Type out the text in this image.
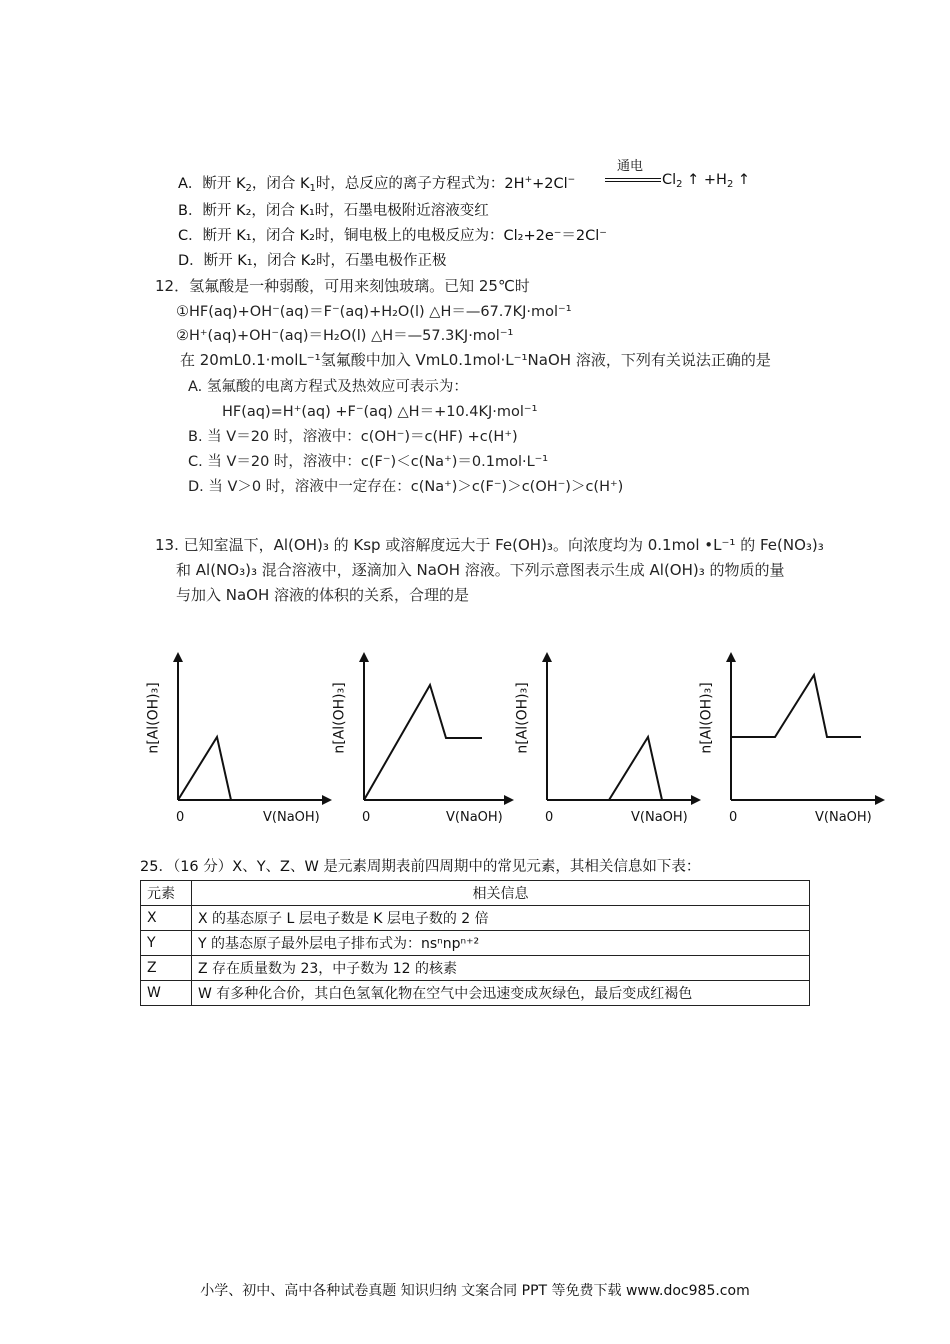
A．断开 $K_2$，闭合 $K_1$时，总反应的离子方程式为：2H++2Cl−
通电
$Cl_2$ ↑ $+H_2$ ↑
B．断开 K₂，闭合 K₁时，石墨电极附近溶液变红
C．断开 K₁，闭合 K₂时，铜电极上的电极反应为：Cl₂+2e⁻＝2Cl⁻
D．断开 K₁，闭合 K₂时，石墨电极作正极
12．氢氟酸是一种弱酸，可用来刻蚀玻璃。已知 25℃时
①HF(aq)+OH⁻(aq)＝F⁻(aq)+H₂O(l) △H＝—67.7KJ·mol⁻¹
②H⁺(aq)+OH⁻(aq)＝H₂O(l) △H＝—57.3KJ·mol⁻¹
在 20mL0.1·molL⁻¹氢氟酸中加入 VmL0.1mol·L⁻¹NaOH 溶液，下列有关说法正确的是
A. 氢氟酸的电离方程式及热效应可表示为：
HF(aq)=H⁺(aq) +F⁻(aq) △H＝+10.4KJ·mol⁻¹
B. 当 V＝20 时，溶液中：c(OH⁻)＝c(HF) +c(H⁺)
C. 当 V＝20 时，溶液中：c(F⁻)＜c(Na⁺)＝0.1mol·L⁻¹
D. 当 V＞0 时，溶液中一定存在：c(Na⁺)＞c(F⁻)＞c(OH⁻)＞c(H⁺)
13. 已知室温下，Al(OH)₃ 的 Ksp 或溶解度远大于 Fe(OH)₃。向浓度均为 0.1mol •L⁻¹ 的 Fe(NO₃)₃
和 Al(NO₃)₃ 混合溶液中，逐滴加入 NaOH 溶液。下列示意图表示生成 Al(OH)₃ 的物质的量
与加入 NaOH 溶液的体积的关系，合理的是
n[Al(OH)₃]
0	V(NaOH)
n[Al(OH)₃]
0	V(NaOH)
n[Al(OH)₃]
0	V(NaOH)
n[Al(OH)₃]
0	V(NaOH)
25．（16 分）X、Y、Z、W 是元素周期表前四周期中的常见元素，其相关信息如下表：
元素	相关信息
X	X 的基态原子 L 层电子数是 K 层电子数的 2 倍
Y	Y 的基态原子最外层电子排布式为：nsⁿnpⁿ⁺²
Z	Z 存在质量数为 23，中子数为 12 的核素
W	W 有多种化合价，其白色氢氧化物在空气中会迅速变成灰绿色，最后变成红褐色
小学、初中、高中各种试卷真题 知识归纳 文案合同 PPT 等免费下载 www.doc985.com
